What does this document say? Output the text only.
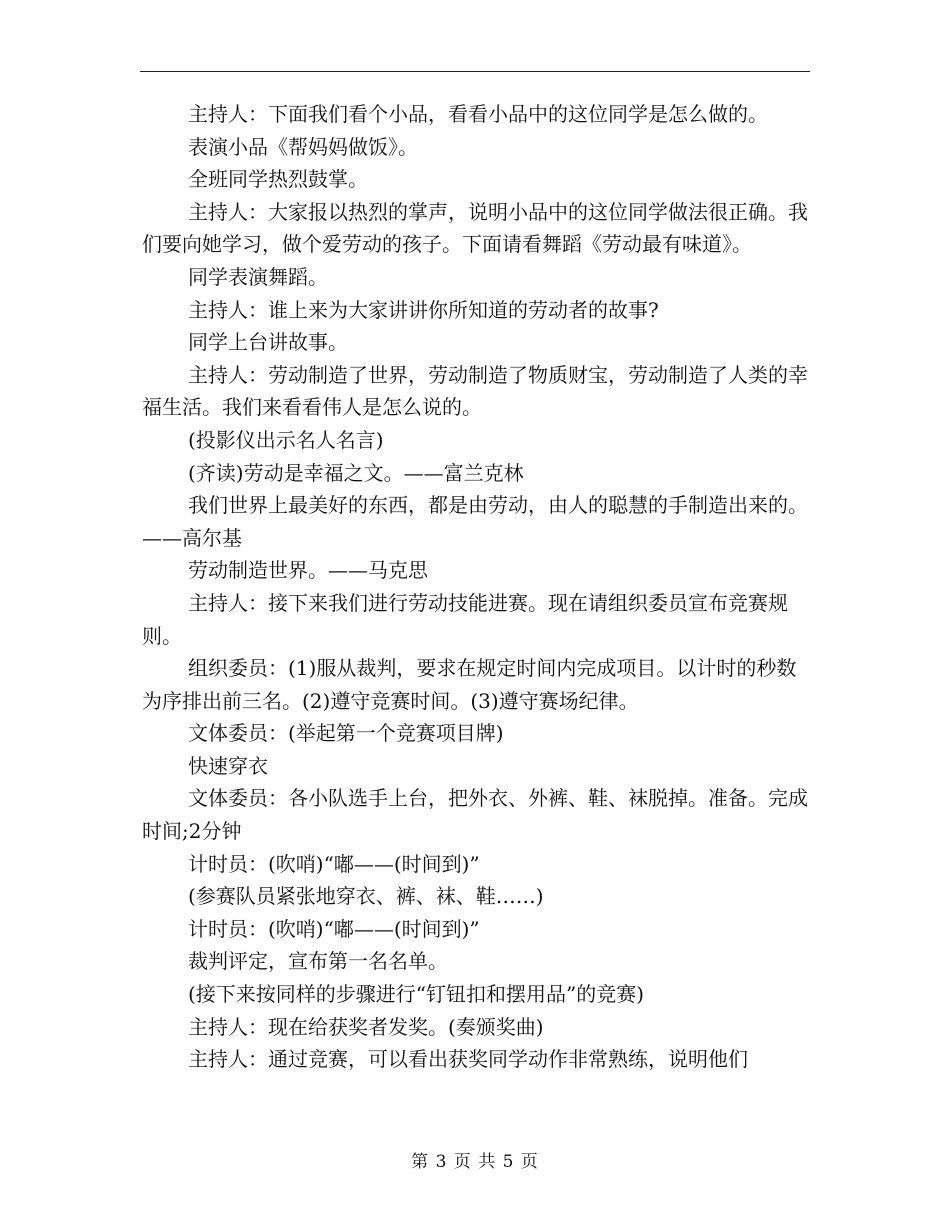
主持人：下面我们看个小品，看看小品中的这位同学是怎么做的。

表演小品《帮妈妈做饭》。

全班同学热烈鼓掌。

主持人：大家报以热烈的掌声，说明小品中的这位同学做法很正确。我们要向她学习，做个爱劳动的孩子。下面请看舞蹈《劳动最有味道》。

同学表演舞蹈。

主持人：谁上来为大家讲讲你所知道的劳动者的故事?

同学上台讲故事。

主持人：劳动制造了世界，劳动制造了物质财宝，劳动制造了人类的幸福生活。我们来看看伟人是怎么说的。

(投影仪出示名人名言)

(齐读)劳动是幸福之文。——富兰克林

我们世界上最美好的东西，都是由劳动，由人的聪慧的手制造出来的。——高尔基

劳动制造世界。——马克思

主持人：接下来我们进行劳动技能进赛。现在请组织委员宣布竞赛规则。

组织委员：(1)服从裁判，要求在规定时间内完成项目。以计时的秒数为序排出前三名。(2)遵守竞赛时间。(3)遵守赛场纪律。

文体委员：(举起第一个竞赛项目牌)

快速穿衣

文体委员：各小队选手上台，把外衣、外裤、鞋、袜脱掉。准备。完成时间;2分钟

计时员：(吹哨)“嘟——(时间到)”

(参赛队员紧张地穿衣、裤、袜、鞋……)

计时员：(吹哨)“嘟——(时间到)”

裁判评定，宣布第一名名单。

(接下来按同样的步骤进行“钉钮扣和摆用品”的竞赛)

主持人：现在给获奖者发奖。(奏颁奖曲)

主持人：通过竞赛，可以看出获奖同学动作非常熟练，说明他们

第 3 页 共 5 页
